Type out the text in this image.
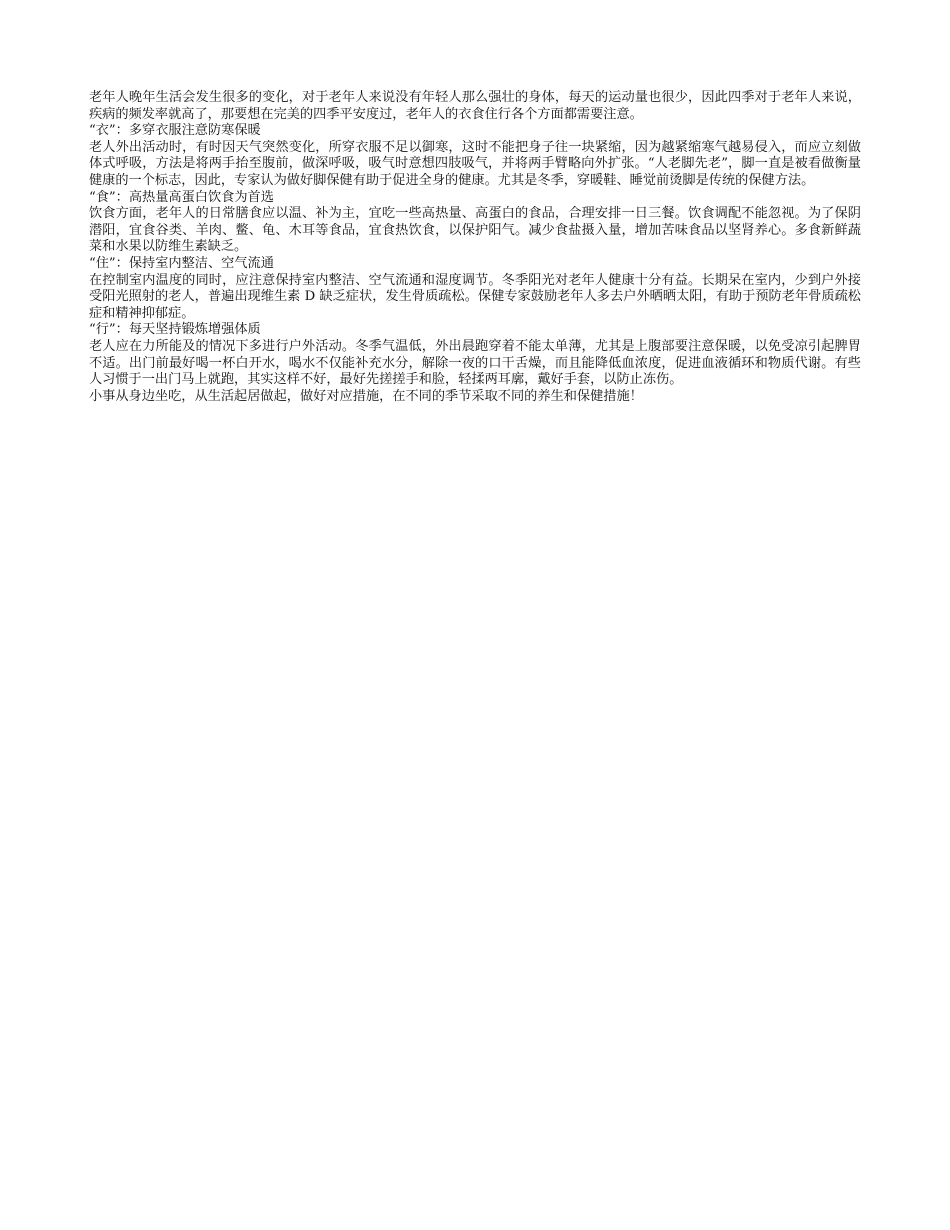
老年人晚年生活会发生很多的变化，对于老年人来说没有年轻人那么强壮的身体，每天的运动量也很少，因此四季对于老年人来说，疾病的频发率就高了，那要想在完美的四季平安度过，老年人的衣食住行各个方面都需要注意。

“衣”：多穿衣服注意防寒保暖

老人外出活动时，有时因天气突然变化，所穿衣服不足以御寒，这时不能把身子往一块紧缩，因为越紧缩寒气越易侵入，而应立刻做体式呼吸，方法是将两手抬至腹前，做深呼吸，吸气时意想四肢吸气，并将两手臂略向外扩张。“人老脚先老”，脚一直是被看做衡量健康的一个标志，因此，专家认为做好脚保健有助于促进全身的健康。尤其是冬季，穿暖鞋、睡觉前烫脚是传统的保健方法。

“食”：高热量高蛋白饮食为首选

饮食方面，老年人的日常膳食应以温、补为主，宜吃一些高热量、高蛋白的食品，合理安排一日三餐。饮食调配不能忽视。为了保阴潜阳，宜食谷类、羊肉、鳖、龟、木耳等食品，宜食热饮食，以保护阳气。减少食盐摄入量，增加苦味食品以坚肾养心。多食新鲜蔬菜和水果以防维生素缺乏。

“住”：保持室内整洁、空气流通

在控制室内温度的同时，应注意保持室内整洁、空气流通和湿度调节。冬季阳光对老年人健康十分有益。长期呆在室内，少到户外接受阳光照射的老人，普遍出现维生素 D 缺乏症状，发生骨质疏松。保健专家鼓励老年人多去户外晒晒太阳，有助于预防老年骨质疏松症和精神抑郁症。

“行”：每天坚持锻炼增强体质

老人应在力所能及的情况下多进行户外活动。冬季气温低，外出晨跑穿着不能太单薄，尤其是上腹部要注意保暖，以免受凉引起脾胃不适。出门前最好喝一杯白开水，喝水不仅能补充水分，解除一夜的口干舌燥，而且能降低血浓度，促进血液循环和物质代谢。有些人习惯于一出门马上就跑，其实这样不好，最好先搓搓手和脸，轻揉两耳廓，戴好手套，以防止冻伤。

小事从身边坐吃，从生活起居做起，做好对应措施，在不同的季节采取不同的养生和保健措施！
